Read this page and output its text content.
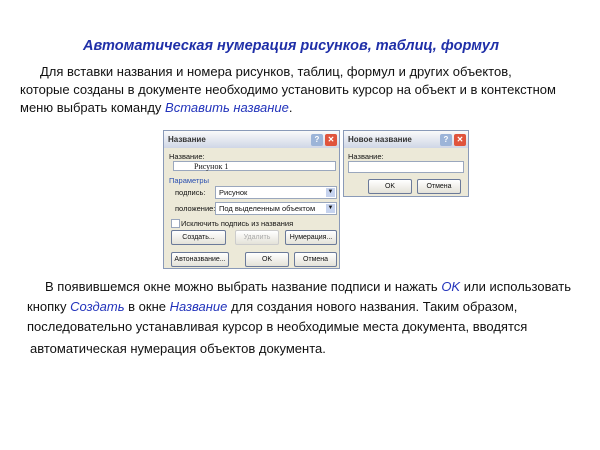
Автоматическая нумерация рисунков, таблиц, формул
Для вставки названия и номера рисунков, таблиц, формул и других объектов,
которые созданы в документе необходимо установить курсор на объект и в контекстном
меню выбрать команду Вставить название.
Название	?	✕
Название:
Рисунок 1
Параметры
подпись: Рисунок	▼
положение: Под выделенным объектом ▼
Исключить подпись из названия
Создать...	Удалить	Нумерация...
Автоназвание...	OK	Отмена
Новое название	?	✕
Название:
OK	Отмена
В появившемся окне можно выбрать название подписи и нажать OK или использовать
кнопку Создать в окне Название для создания нового названия. Таким образом,
последовательно устанавливая курсор в необходимые места документа, вводятся
автоматическая нумерация объектов документа.
